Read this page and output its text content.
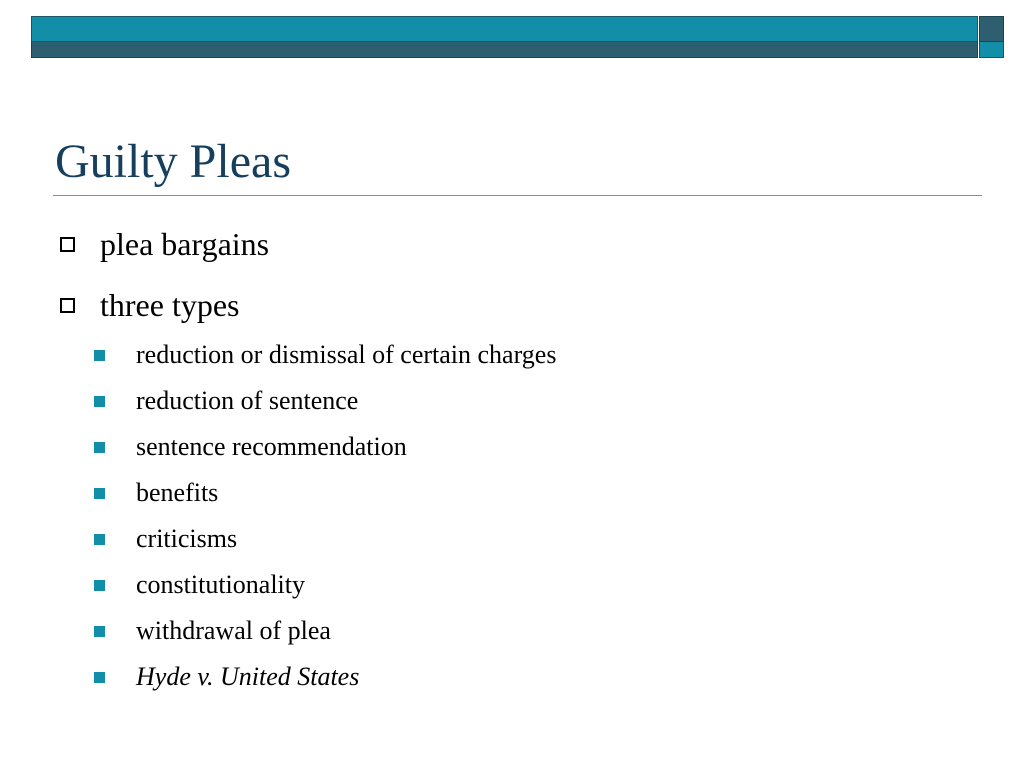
Guilty Pleas
plea bargains
three types
reduction or dismissal of certain charges
reduction of sentence
sentence recommendation
benefits
criticisms
constitutionality
withdrawal of plea
Hyde v. United States
